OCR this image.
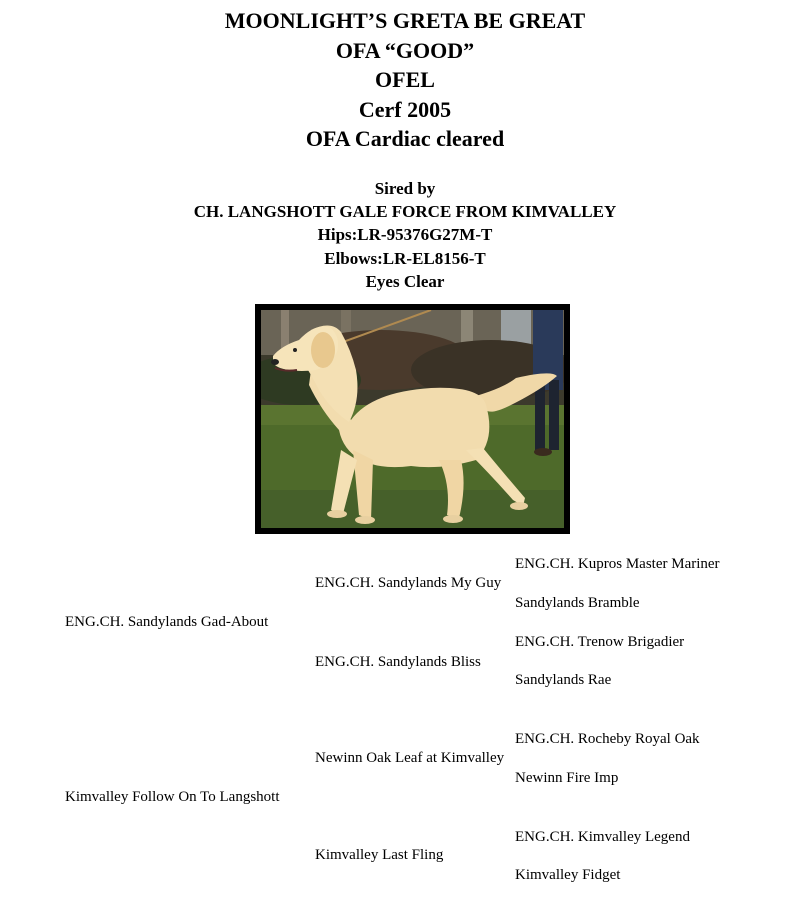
MOONLIGHT’S GRETA BE GREAT
OFA “GOOD”
OFEL
Cerf 2005
OFA Cardiac cleared
Sired by
CH. LANGSHOTT GALE FORCE FROM KIMVALLEY
Hips:LR-95376G27M-T
Elbows:LR-EL8156-T
Eyes Clear
ENG.CH. Kupros Master Mariner
Sandylands Bramble
ENG.CH. Trenow Brigadier
Sandylands Rae
ENG.CH. Rocheby Royal Oak
Newinn Fire Imp
ENG.CH. Kimvalley Legend
Kimvalley Fidget
ENG.CH. Sandylands My Guy
ENG.CH. Sandylands Bliss
Newinn Oak Leaf at Kimvalley
Kimvalley Last Fling
ENG.CH. Sandylands Gad-About
Kimvalley Follow On To Langshott
